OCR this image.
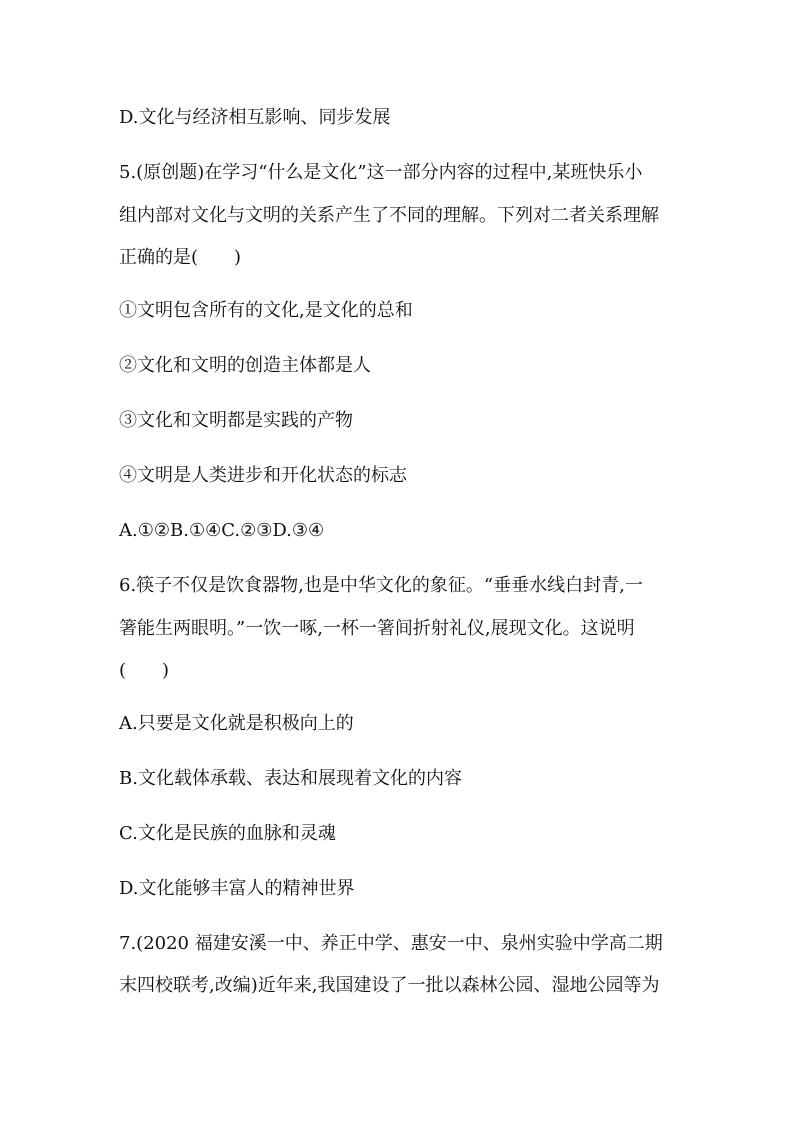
D.文化与经济相互影响、同步发展
5.(原创题)在学习“什么是文化”这一部分内容的过程中,某班快乐小
组内部对文化与文明的关系产生了不同的理解。下列对二者关系理解
正确的是(　　)
①文明包含所有的文化,是文化的总和
②文化和文明的创造主体都是人
③文化和文明都是实践的产物
④文明是人类进步和开化状态的标志
A.①②B.①④C.②③D.③④
6.筷子不仅是饮食器物,也是中华文化的象征。“垂垂水线白封青,一
箸能生两眼明。”一饮一啄,一杯一箸间折射礼仪,展现文化。这说明
(　　)
A.只要是文化就是积极向上的
B.文化载体承载、表达和展现着文化的内容
C.文化是民族的血脉和灵魂
D.文化能够丰富人的精神世界
7.(2020 福建安溪一中、养正中学、惠安一中、泉州实验中学高二期
末四校联考,改编)近年来,我国建设了一批以森林公园、湿地公园等为
